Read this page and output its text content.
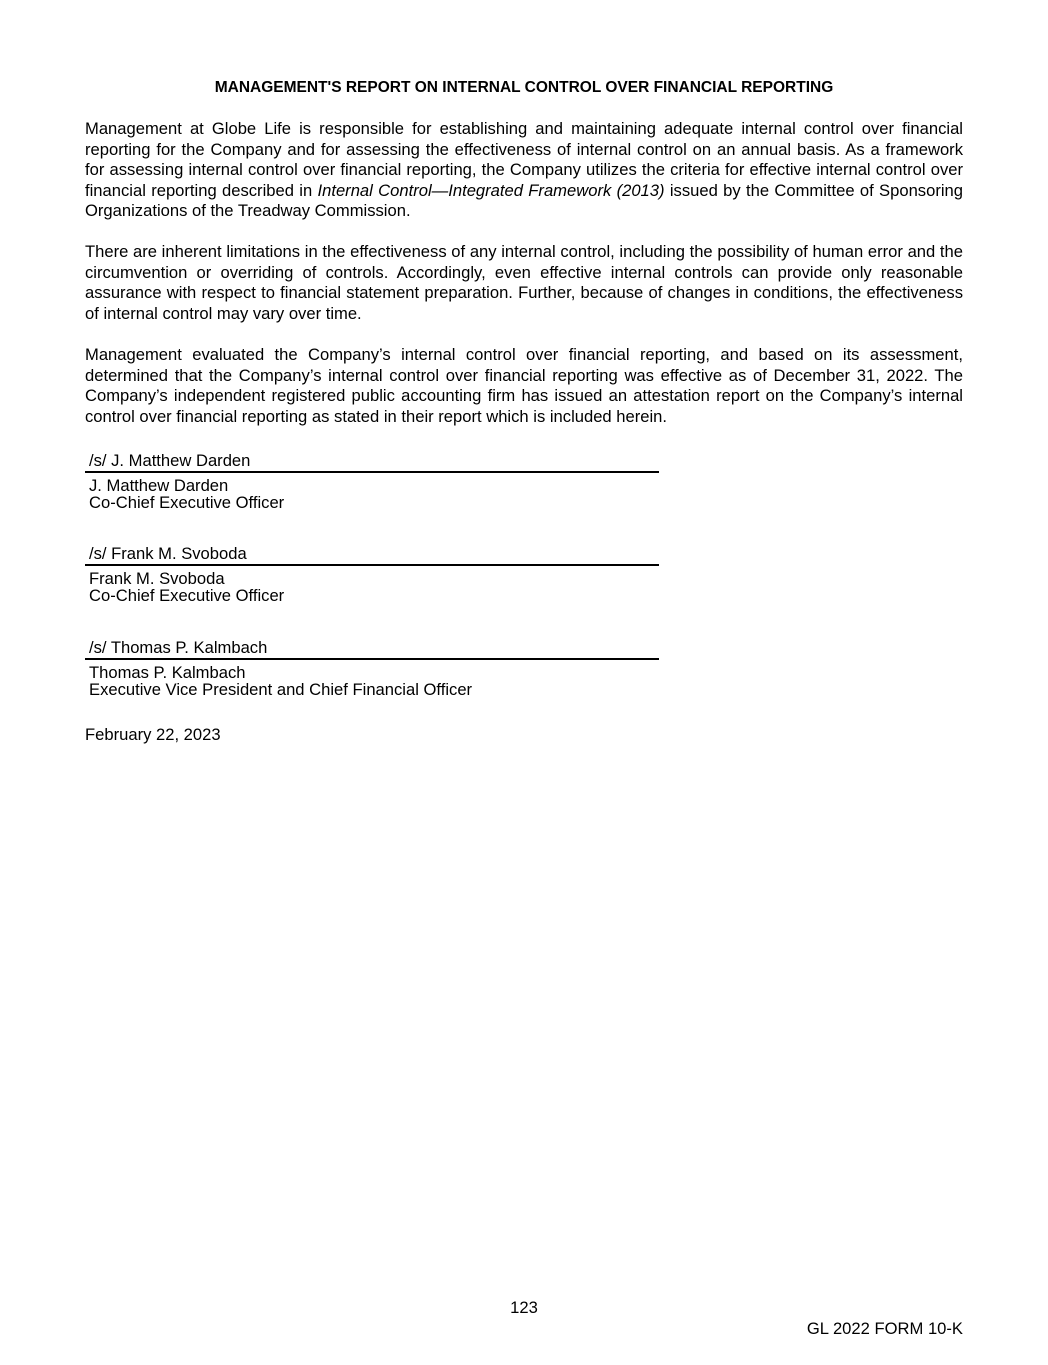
MANAGEMENT'S REPORT ON INTERNAL CONTROL OVER FINANCIAL REPORTING

Management at Globe Life is responsible for establishing and maintaining adequate internal control over financial reporting for the Company and for assessing the effectiveness of internal control on an annual basis. As a framework for assessing internal control over financial reporting, the Company utilizes the criteria for effective internal control over financial reporting described in Internal Control—Integrated Framework (2013) issued by the Committee of Sponsoring Organizations of the Treadway Commission.

There are inherent limitations in the effectiveness of any internal control, including the possibility of human error and the circumvention or overriding of controls. Accordingly, even effective internal controls can provide only reasonable assurance with respect to financial statement preparation. Further, because of changes in conditions, the effectiveness of internal control may vary over time.

Management evaluated the Company’s internal control over financial reporting, and based on its assessment, determined that the Company’s internal control over financial reporting was effective as of December 31, 2022. The Company’s independent registered public accounting firm has issued an attestation report on the Company’s internal control over financial reporting as stated in their report which is included herein.

/s/ J. Matthew Darden
J. Matthew Darden
Co-Chief Executive Officer
/s/ Frank M. Svoboda
Frank M. Svoboda
Co-Chief Executive Officer
/s/ Thomas P. Kalmbach
Thomas P. Kalmbach
Executive Vice President and Chief Financial Officer
February 22, 2023
123
GL 2022 FORM 10-K
